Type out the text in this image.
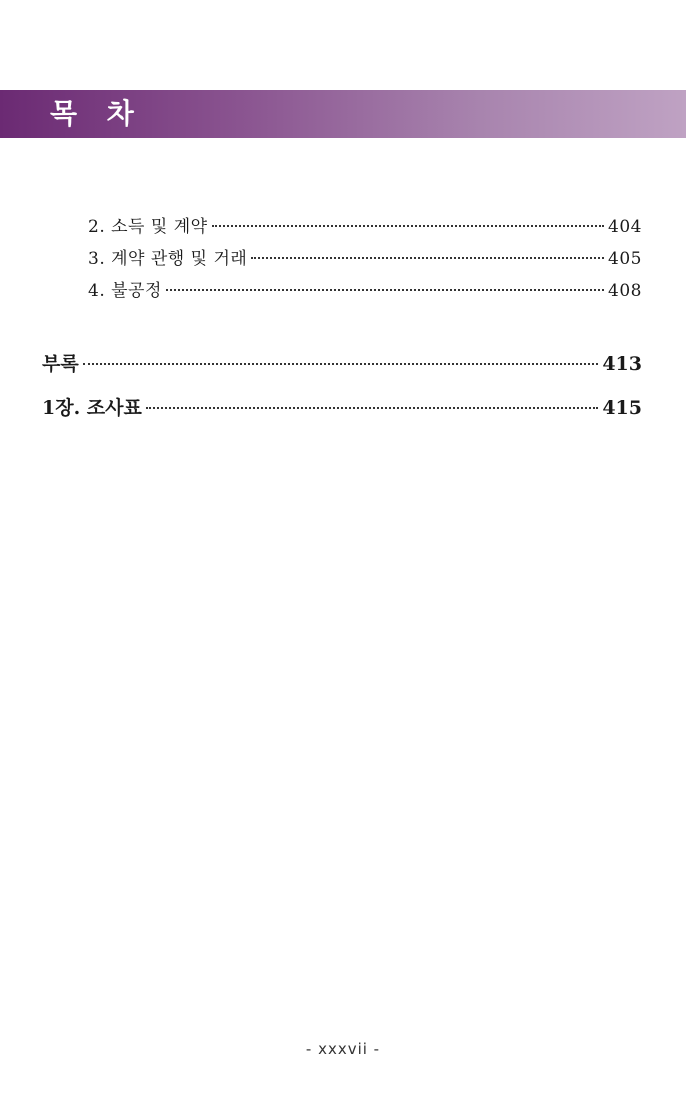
목 차
2. 소득 및 계약	404
3. 계약 관행 및 거래	405
4. 불공정	408
부록	413
1장. 조사표	415
- xxxvii -
